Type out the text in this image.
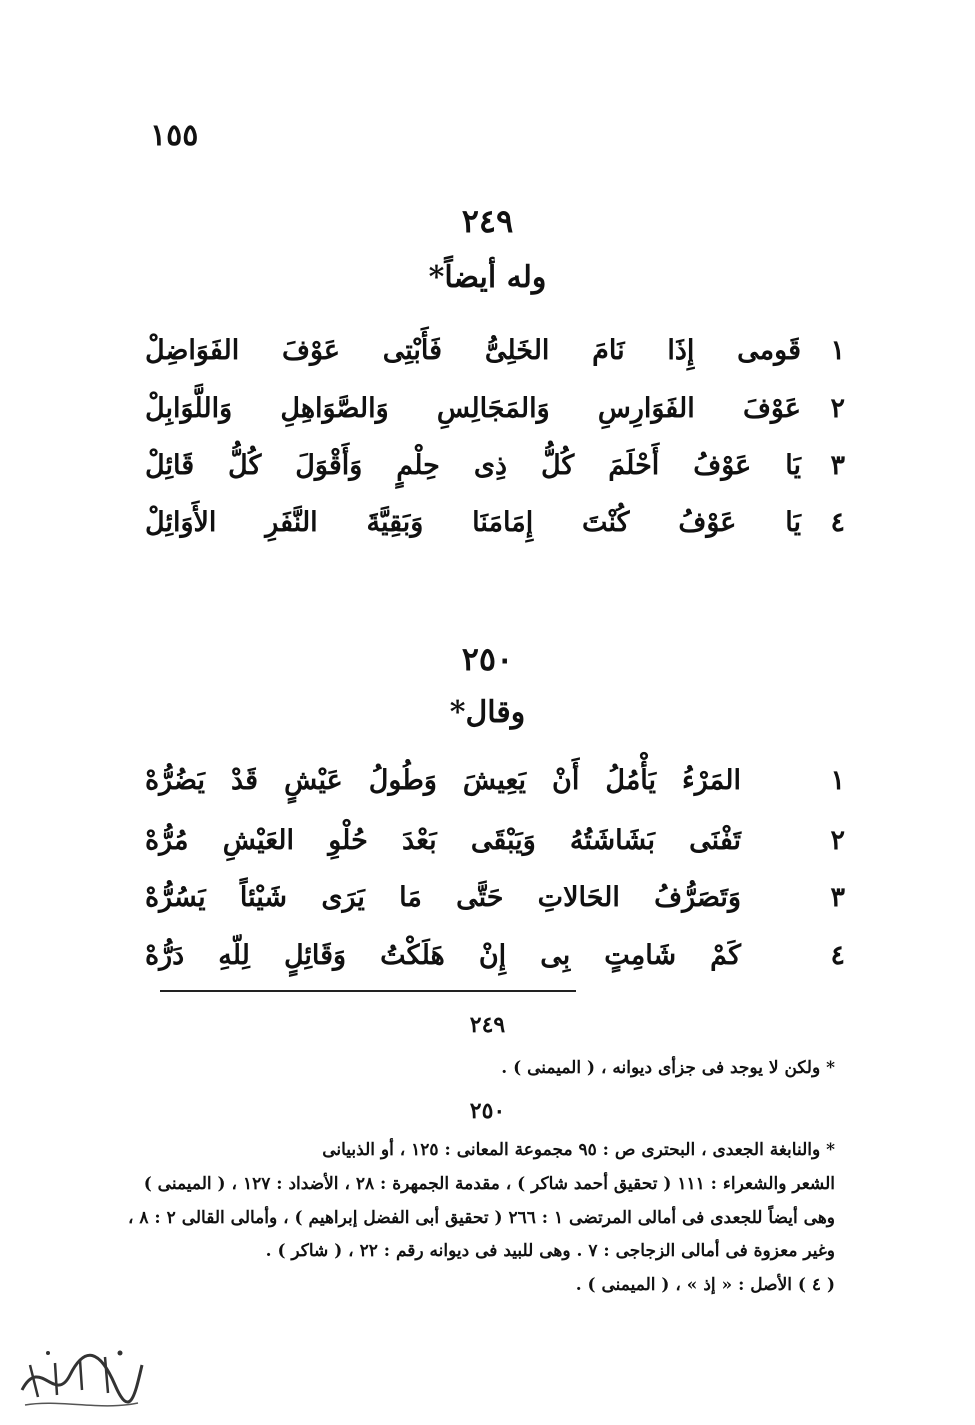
١٥٥
٢٤٩
وله أيضاً*
١
قَومى إِذَا نَامَ الخَلِىُّ فَأَبْتِى عَوْفَ الفَوَاضِلْ
٢
عَوْفَ الفَوَارِسِ وَالمَجَالِسِ وَالصَّوَاهِلِ وَاللَّوَابِلْ
٣
يَا عَوْفُ أَحْلَمَ كُلُّ ذِى حِلْمٍ وَأَقْوَلَ كُلُّ قَائِلْ
٤
يَا عَوْفُ كُنْتَ إِمَامَنَا وَبَقِيَّةَ النَّفَرِ الأَوَائِلْ
٢٥٠
وقال*
١
المَرْءُ يَأْمُلُ أَنْ يَعِيشَ وَطُولُ عَيْشٍ قَدْ يَضُرُّهْ
٢
تَفْنَى بَشَاشَتُهُ وَيَبْقَى بَعْدَ حُلْوِ العَيْشِ مُرُّهْ
٣
وَتَصَرُّفُ الحَالاتِ حَتَّى مَا يَرَى شَيْئاً يَسُرُّهْ
٤
كَمْ شَامِتٍ بِى إِنْ هَلَكْتُ وَقَائِلٍ لِلّهِ دَرُّهْ
٢٤٩
* ولكن لا يوجد فى جزأى ديوانه ، ( الميمنى ) .
٢٥٠
* والنابغة الجعدى ، البحترى ص : ٩٥ مجموعة المعانى : ١٢٥ ، أو الذبيانى
الشعر والشعراء : ١١١ ( تحقيق أحمد شاكر ) ، مقدمة الجمهرة : ٢٨ ، الأضداد : ١٢٧ ، ( الميمنى )
وهى أيضاً للجعدى فى أمالى المرتضى ١ : ٢٦٦ ( تحقيق أبى الفضل إبراهيم ) ، وأمالى القالى ٢ : ٨ ،
وغير معزوة فى أمالى الزجاجى : ٧ . وهى للبيد فى ديوانه رقم : ٢٢ ، ( شاكر ) .
( ٤ ) الأصل : « إذ » ، ( الميمنى ) .
